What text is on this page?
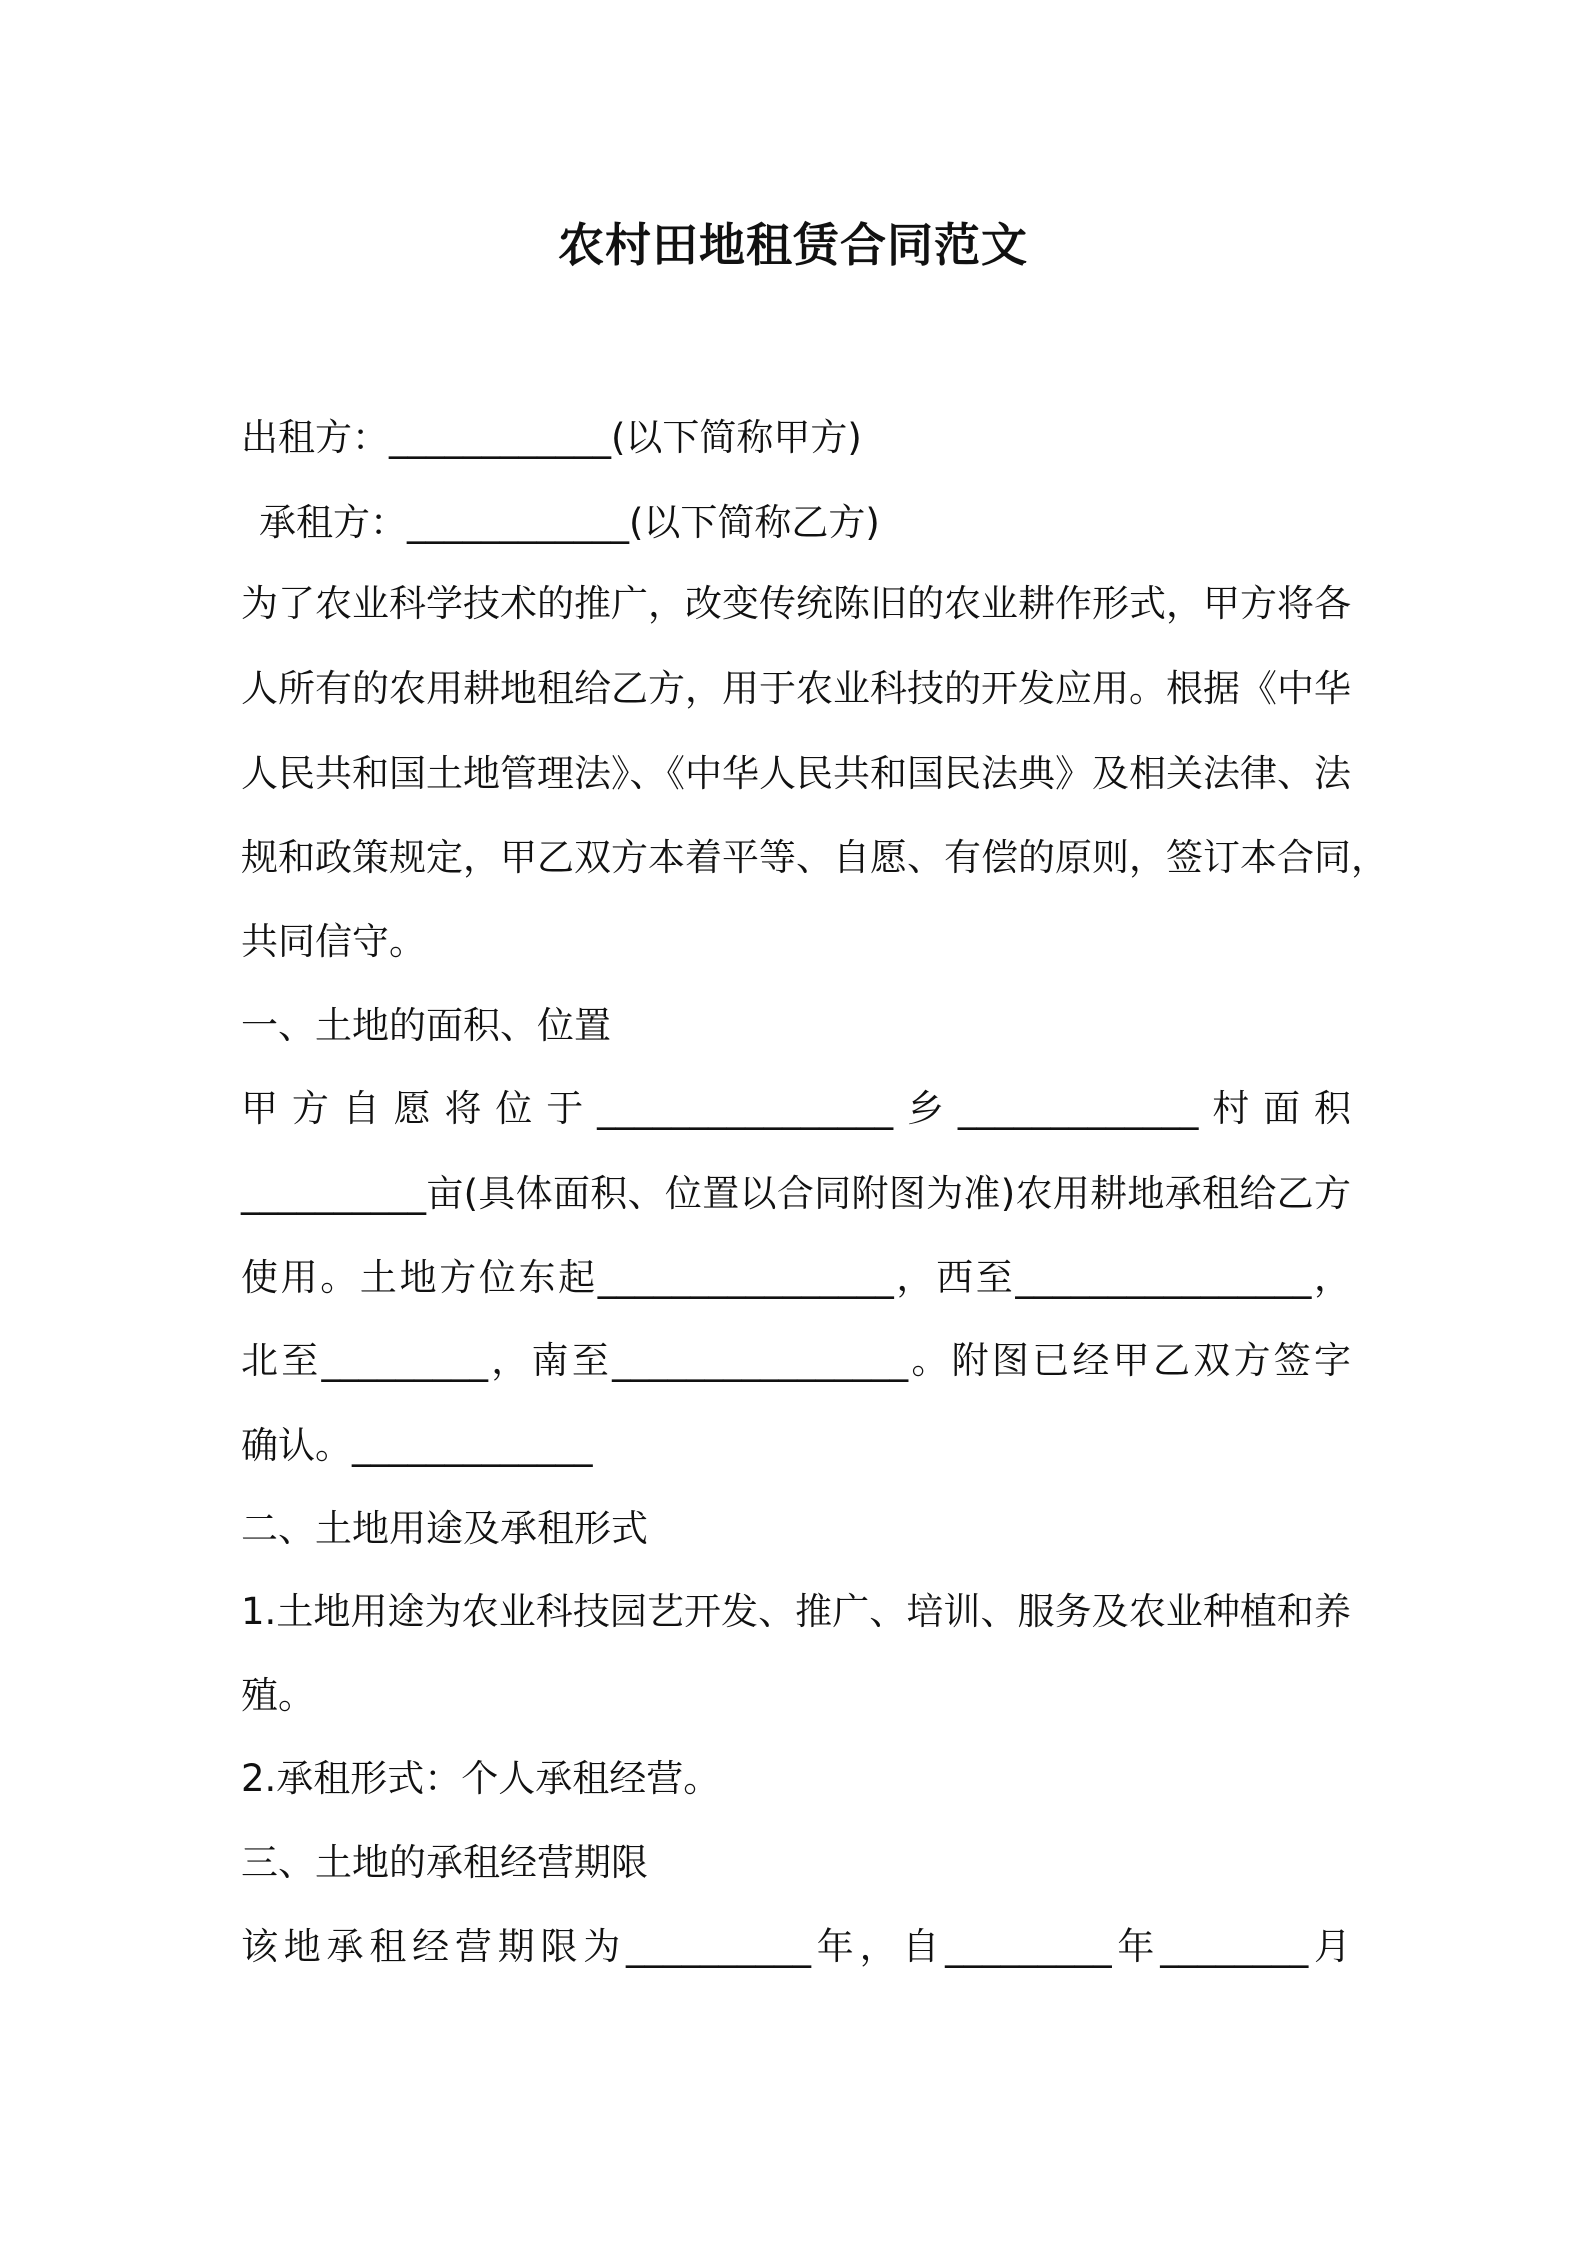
农村田地租赁合同范文
出租方：____________(以下简称甲方)
承租方：____________(以下简称乙方)
为了农业科学技术的推广，改变传统陈旧的农业耕作形式，甲方将各
人所有的农用耕地租给乙方，用于农业科技的开发应用。根据《中华
人民共和国土地管理法》、《中华人民共和国民法典》及相关法律、法
规和政策规定，甲乙双方本着平等、自愿、有偿的原则，签订本合同，
共同信守。
一、土地的面积、位置
甲方自愿将位于________________乡_____________村面积
__________亩(具体面积、位置以合同附图为准)农用耕地承租给乙方
使用。土地方位东起________________，西至________________，
北至_________，南至________________。附图已经甲乙双方签字
确认。_____________
二、土地用途及承租形式
1.土地用途为农业科技园艺开发、推广、培训、服务及农业种植和养
殖。
2.承租形式：个人承租经营。
三、土地的承租经营期限
该地承租经营期限为__________年，自_________年________月
